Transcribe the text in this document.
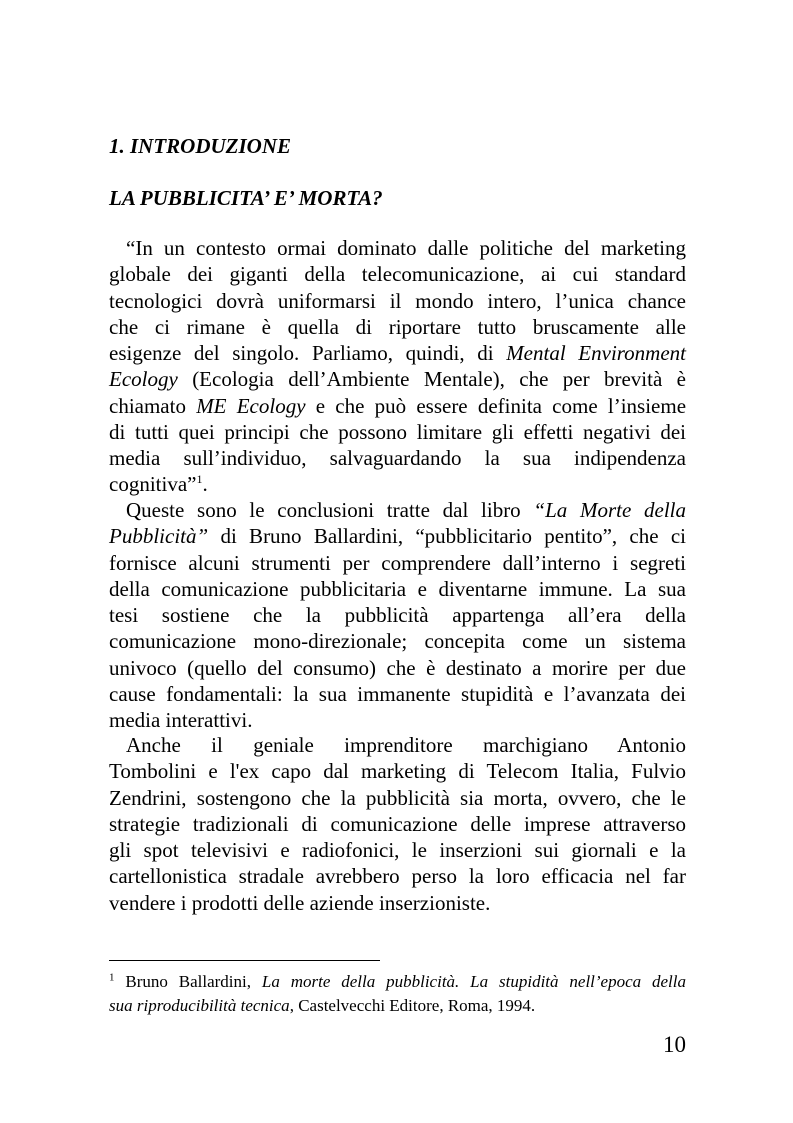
1. INTRODUZIONE
LA PUBBLICITA’ E’ MORTA?
“In un contesto ormai dominato dalle politiche del marketing
globale dei giganti della telecomunicazione, ai cui standard
tecnologici dovrà uniformarsi il mondo intero, l’unica chance
che ci rimane è quella di riportare tutto bruscamente alle
esigenze del singolo. Parliamo, quindi, di Mental Environment
Ecology (Ecologia dell’Ambiente Mentale), che per brevità è
chiamato ME Ecology e che può essere definita come l’insieme
di tutti quei principi che possono limitare gli effetti negativi dei
media sull’individuo, salvaguardando la sua indipendenza
cognitiva”$^1$.
Queste sono le conclusioni tratte dal libro “La Morte della
Pubblicità” di Bruno Ballardini, “pubblicitario pentito”, che ci
fornisce alcuni strumenti per comprendere dall’interno i segreti
della comunicazione pubblicitaria e diventarne immune. La sua
tesi sostiene che la pubblicità appartenga all’era della
comunicazione mono-direzionale; concepita come un sistema
univoco (quello del consumo) che è destinato a morire per due
cause fondamentali: la sua immanente stupidità e l’avanzata dei
media interattivi.
Anche il geniale imprenditore marchigiano Antonio
Tombolini e l'ex capo dal marketing di Telecom Italia, Fulvio
Zendrini, sostengono che la pubblicità sia morta, ovvero, che le
strategie tradizionali di comunicazione delle imprese attraverso
gli spot televisivi e radiofonici, le inserzioni sui giornali e la
cartellonistica stradale avrebbero perso la loro efficacia nel far
vendere i prodotti delle aziende inserzioniste.
$^1$ Bruno Ballardini, La morte della pubblicità. La stupidità nell’epoca della
sua riproducibilità tecnica, Castelvecchi Editore, Roma, 1994.
10
